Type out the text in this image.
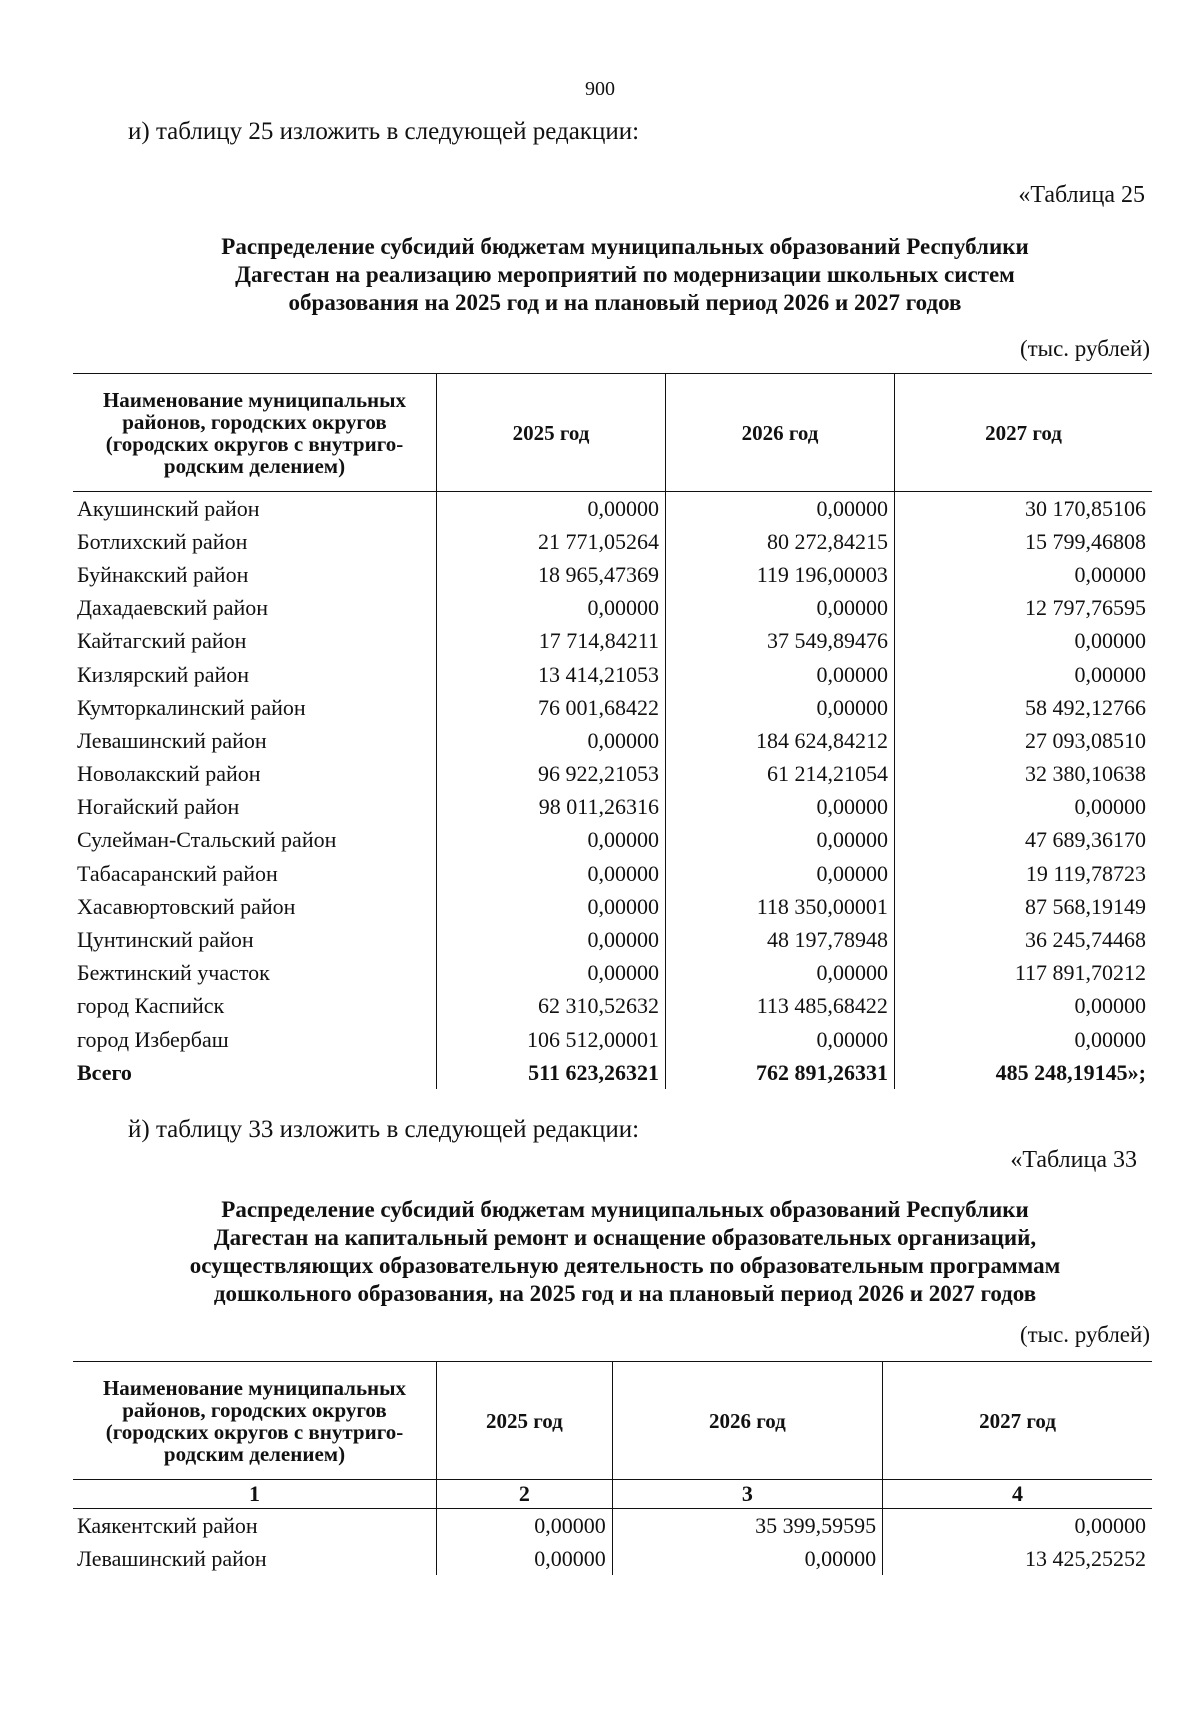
900
и) таблицу 25 изложить в следующей редакции:
«Таблица 25
Распределение субсидий бюджетам муниципальных образований Республики
Дагестан на реализацию мероприятий по модернизации школьных систем
образования на 2025 год и на плановый период 2026 и 2027 годов
(тыс. рублей)
Наименование муниципальных районов, городских округов (городских округов с внутриго-родским делением)	2025 год	2026 год	2027 год
Акушинский район	0,00000	0,00000	30 170,85106
Ботлихский район	21 771,05264	80 272,84215	15 799,46808
Буйнакский район	18 965,47369	119 196,00003	0,00000
Дахадаевский район	0,00000	0,00000	12 797,76595
Кайтагский район	17 714,84211	37 549,89476	0,00000
Кизлярский район	13 414,21053	0,00000	0,00000
Кумторкалинский район	76 001,68422	0,00000	58 492,12766
Левашинский район	0,00000	184 624,84212	27 093,08510
Новолакский район	96 922,21053	61 214,21054	32 380,10638
Ногайский район	98 011,26316	0,00000	0,00000
Сулейман-Стальский район	0,00000	0,00000	47 689,36170
Табасаранский район	0,00000	0,00000	19 119,78723
Хасавюртовский район	0,00000	118 350,00001	87 568,19149
Цунтинский район	0,00000	48 197,78948	36 245,74468
Бежтинский участок	0,00000	0,00000	117 891,70212
город Каспийск	62 310,52632	113 485,68422	0,00000
город Избербаш	106 512,00001	0,00000	0,00000
Всего	511 623,26321	762 891,26331	485 248,19145»;
й) таблицу 33 изложить в следующей редакции:
«Таблица 33
Распределение субсидий бюджетам муниципальных образований Республики
Дагестан на капитальный ремонт и оснащение образовательных организаций,
осуществляющих образовательную деятельность по образовательным программам
дошкольного образования, на 2025 год и на плановый период 2026 и 2027 годов
(тыс. рублей)
Наименование муниципальных районов, городских округов (городских округов с внутриго-родским делением)	2025 год	2026 год	2027 год
1	2	3	4
Каякентский район	0,00000	35 399,59595	0,00000
Левашинский район	0,00000	0,00000	13 425,25252
